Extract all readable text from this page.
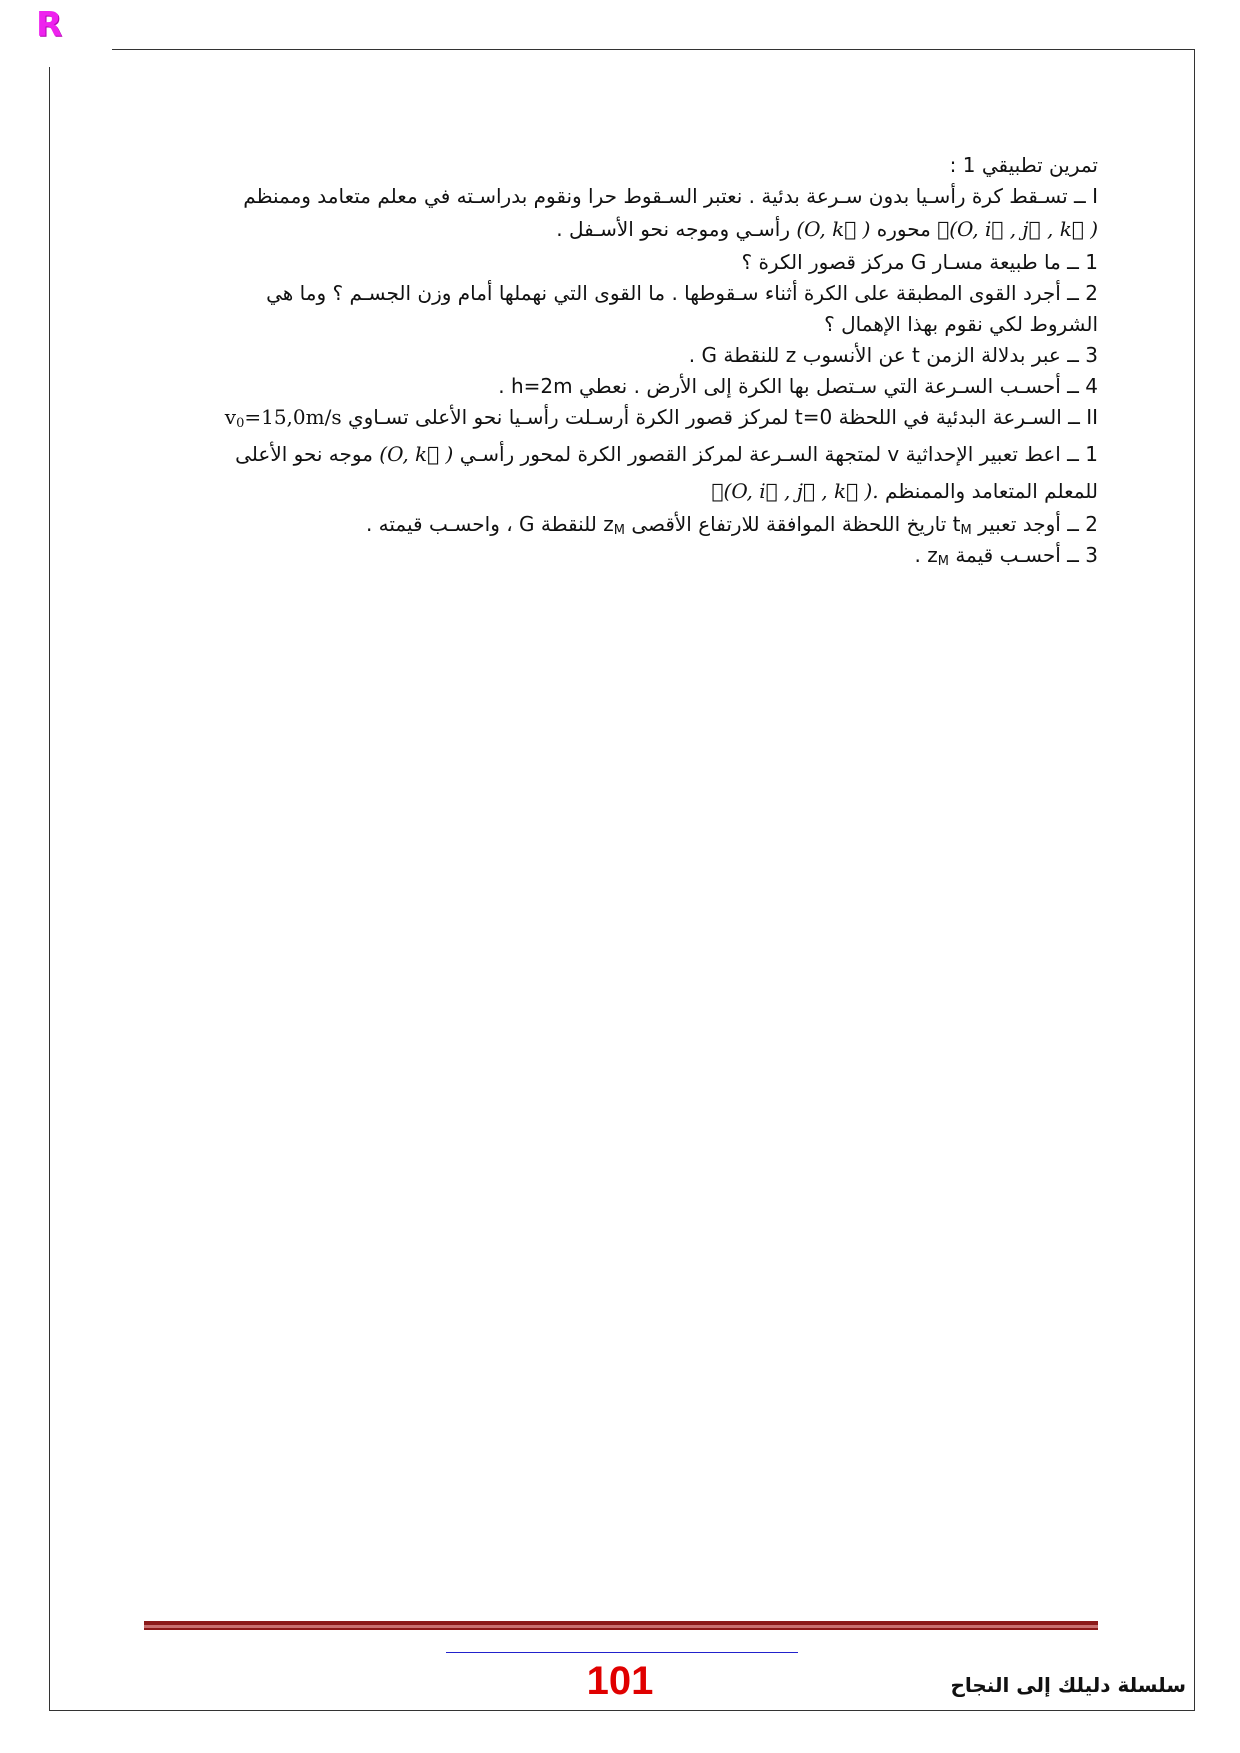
R

تمرين تطبيقي 1 :

I ــ تسـقط كرة رأسـيا بدون سـرعة بدئية . نعتبر السـقوط حرا ونقوم بدراسـته في معلم متعامد وممنظم

ℛ(O, i⃗ , j⃗ , k⃗ ) محوره (O, k⃗ ) رأسـي وموجه نحو الأسـفل .

1 ــ ما طبيعة مسـار G مركز قصور الكرة ؟

2 ــ أجرد القوى المطبقة على الكرة أثناء سـقوطها . ما القوى التي نهملها أمام وزن الجسـم ؟ وما هي

الشروط لكي نقوم بهذا الإهمال ؟

3 ــ عبر بدلالة الزمن t عن الأنسوب z للنقطة G .

4 ــ أحسـب السـرعة التي سـتصل بها الكرة إلى الأرض . نعطي h=2m .

II ــ السـرعة البدئية في اللحظة t=0 لمركز قصور الكرة أرسـلت رأسـيا نحو الأعلى تسـاوي $v_0=15,0m/s$

1 ــ اعط تعبير الإحداثية v لمتجهة السـرعة لمركز القصور الكرة لمحور رأسـي (O, k⃗ ) موجه نحو الأعلى

للمعلم المتعامد والممنظم ℛ(O, i⃗ , j⃗ , k⃗ ).

2 ــ أوجد تعبير $t_M$ تاريخ اللحظة الموافقة للارتفاع الأقصى $z_M$ للنقطة G ، واحسـب قيمته .

3 ــ أحسـب قيمة $z_M$ .

101	سلسلة دليلك إلى النجاح
